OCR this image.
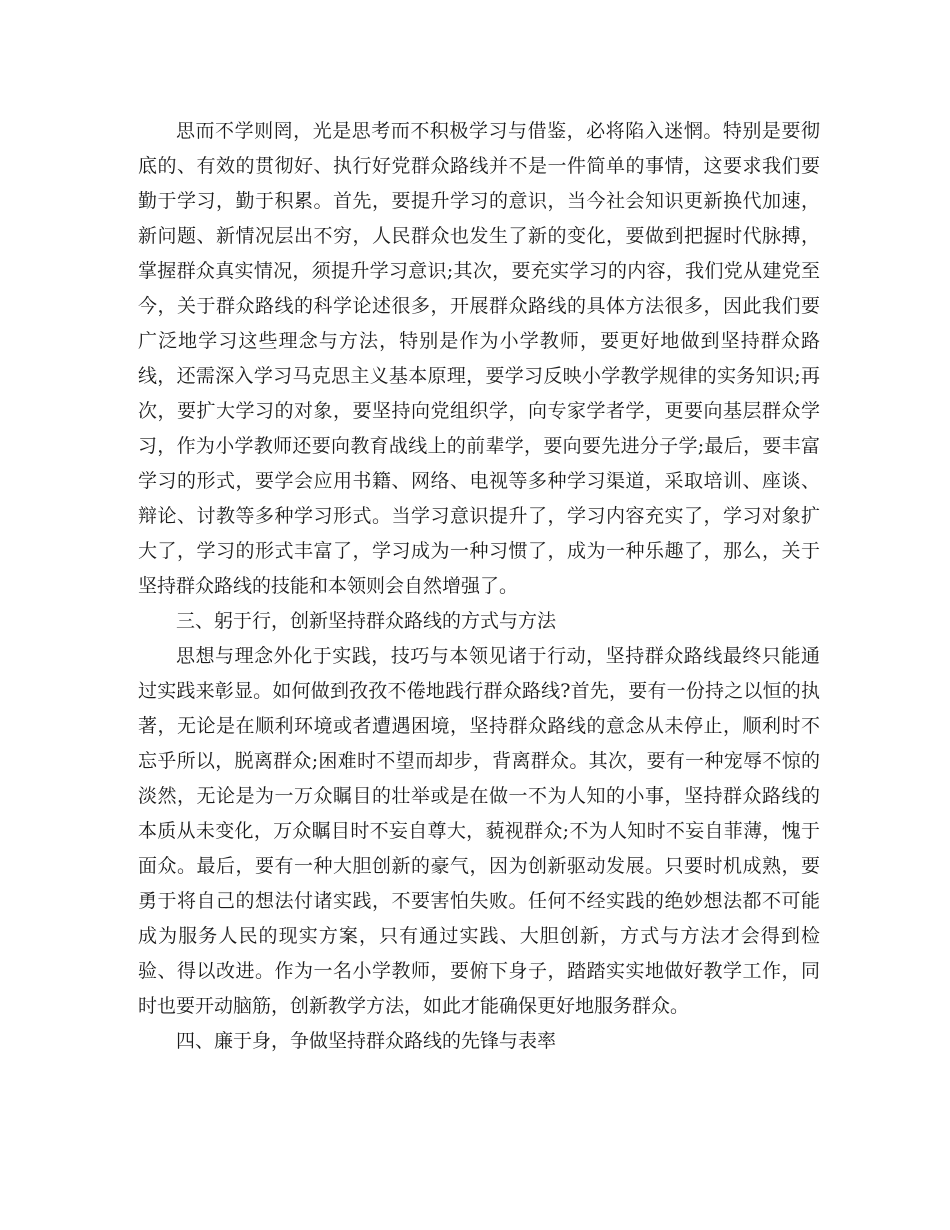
思而不学则罔，光是思考而不积极学习与借鉴，必将陷入迷惘。特别是要彻底的、有效的贯彻好、执行好党群众路线并不是一件简单的事情，这要求我们要勤于学习，勤于积累。首先，要提升学习的意识，当今社会知识更新换代加速，新问题、新情况层出不穷，人民群众也发生了新的变化，要做到把握时代脉搏，掌握群众真实情况，须提升学习意识;其次，要充实学习的内容，我们党从建党至今，关于群众路线的科学论述很多，开展群众路线的具体方法很多，因此我们要广泛地学习这些理念与方法，特别是作为小学教师，要更好地做到坚持群众路线，还需深入学习马克思主义基本原理，要学习反映小学教学规律的实务知识;再次，要扩大学习的对象，要坚持向党组织学，向专家学者学，更要向基层群众学习，作为小学教师还要向教育战线上的前辈学，要向要先进分子学;最后，要丰富学习的形式，要学会应用书籍、网络、电视等多种学习渠道，采取培训、座谈、辩论、讨教等多种学习形式。当学习意识提升了，学习内容充实了，学习对象扩大了，学习的形式丰富了，学习成为一种习惯了，成为一种乐趣了，那么，关于坚持群众路线的技能和本领则会自然增强了。

三、躬于行，创新坚持群众路线的方式与方法

思想与理念外化于实践，技巧与本领见诸于行动，坚持群众路线最终只能通过实践来彰显。如何做到孜孜不倦地践行群众路线?首先，要有一份持之以恒的执著，无论是在顺利环境或者遭遇困境，坚持群众路线的意念从未停止，顺利时不忘乎所以，脱离群众;困难时不望而却步，背离群众。其次，要有一种宠辱不惊的淡然，无论是为一万众瞩目的壮举或是在做一不为人知的小事，坚持群众路线的本质从未变化，万众瞩目时不妄自尊大，藐视群众;不为人知时不妄自菲薄，愧于面众。最后，要有一种大胆创新的豪气，因为创新驱动发展。只要时机成熟，要勇于将自己的想法付诸实践，不要害怕失败。任何不经实践的绝妙想法都不可能成为服务人民的现实方案，只有通过实践、大胆创新，方式与方法才会得到检验、得以改进。作为一名小学教师，要俯下身子，踏踏实实地做好教学工作，同时也要开动脑筋，创新教学方法，如此才能确保更好地服务群众。

四、廉于身，争做坚持群众路线的先锋与表率
